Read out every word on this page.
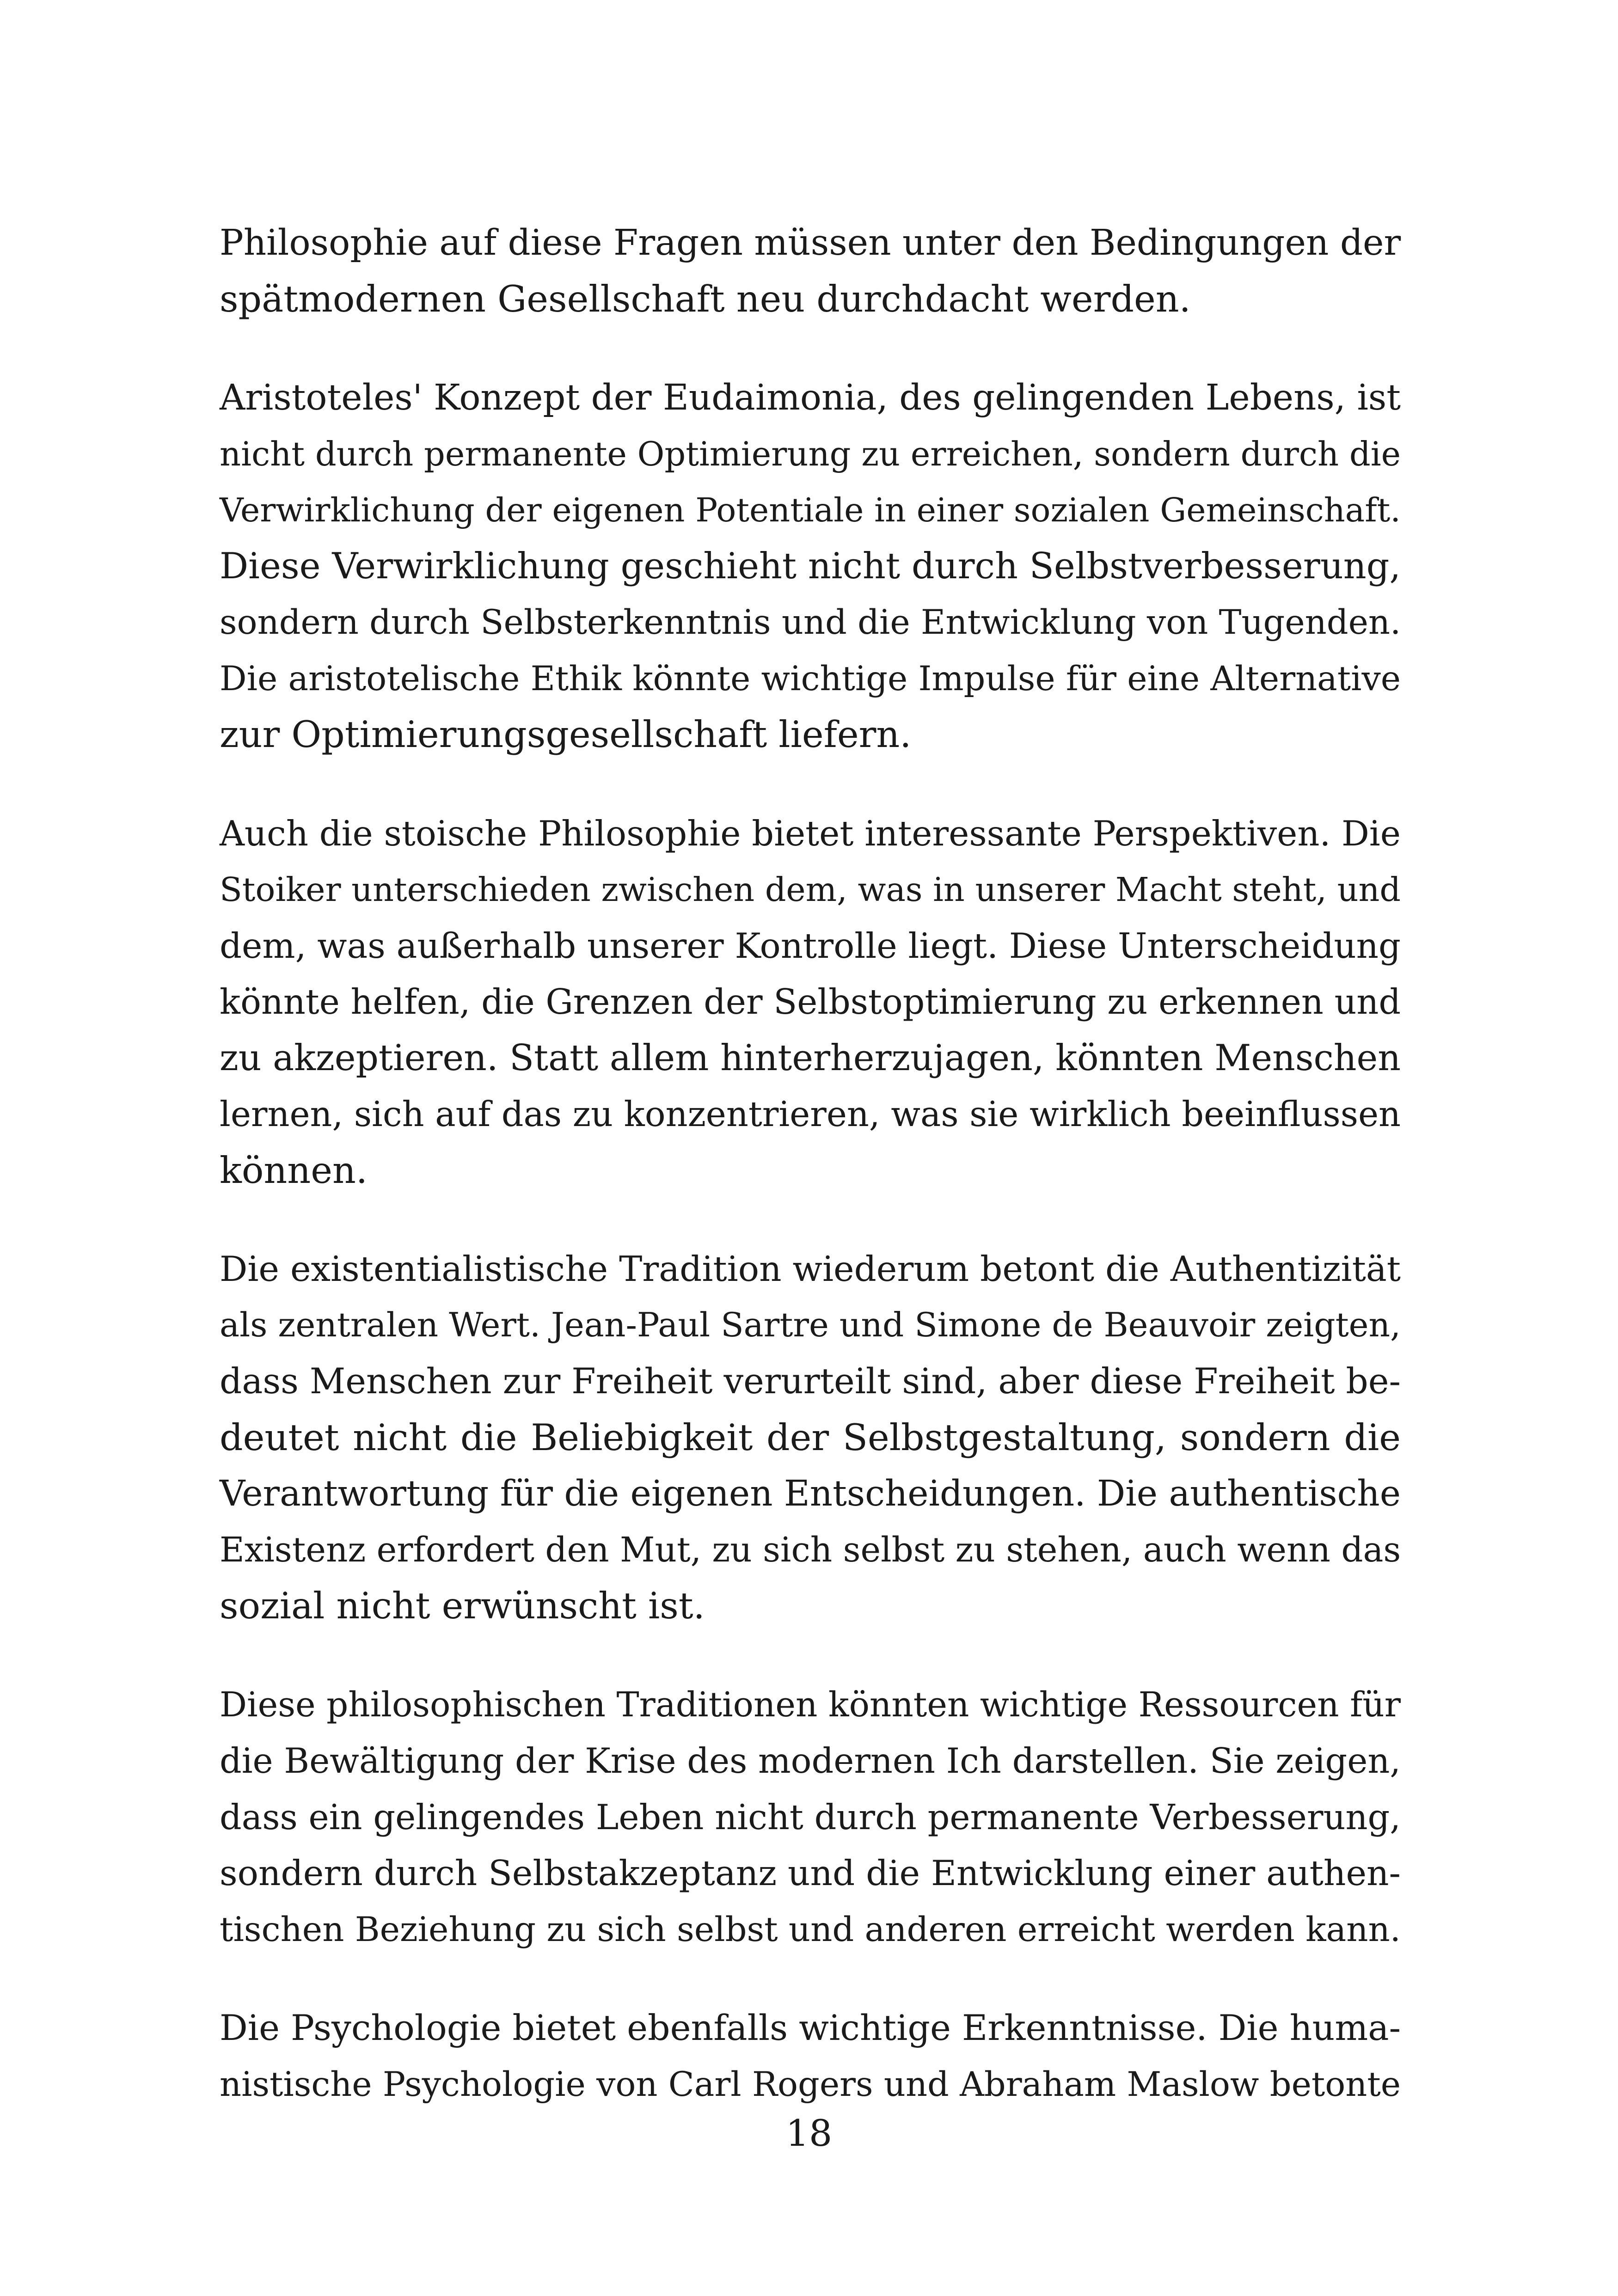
Philosophie auf diese Fragen müssen unter den Bedingungen der
spätmodernen Gesellschaft neu durchdacht werden.

Aristoteles' Konzept der Eudaimonia, des gelingenden Lebens, ist
nicht durch permanente Optimierung zu erreichen, sondern durch die
Verwirklichung der eigenen Potentiale in einer sozialen Gemeinschaft.
Diese Verwirklichung geschieht nicht durch Selbstverbesserung,
sondern durch Selbsterkenntnis und die Entwicklung von Tugenden.
Die aristotelische Ethik könnte wichtige Impulse für eine Alternative
zur Optimierungsgesellschaft liefern.

Auch die stoische Philosophie bietet interessante Perspektiven. Die
Stoiker unterschieden zwischen dem, was in unserer Macht steht, und
dem, was außerhalb unserer Kontrolle liegt. Diese Unterscheidung
könnte helfen, die Grenzen der Selbstoptimierung zu erkennen und
zu akzeptieren. Statt allem hinterherzujagen, könnten Menschen
lernen, sich auf das zu konzentrieren, was sie wirklich beeinflussen
können.

Die existentialistische Tradition wiederum betont die Authentizität
als zentralen Wert. Jean-Paul Sartre und Simone de Beauvoir zeigten,
dass Menschen zur Freiheit verurteilt sind, aber diese Freiheit be-
deutet nicht die Beliebigkeit der Selbstgestaltung, sondern die
Verantwortung für die eigenen Entscheidungen. Die authentische
Existenz erfordert den Mut, zu sich selbst zu stehen, auch wenn das
sozial nicht erwünscht ist.

Diese philosophischen Traditionen könnten wichtige Ressourcen für
die Bewältigung der Krise des modernen Ich darstellen. Sie zeigen,
dass ein gelingendes Leben nicht durch permanente Verbesserung,
sondern durch Selbstakzeptanz und die Entwicklung einer authen-
tischen Beziehung zu sich selbst und anderen erreicht werden kann.

Die Psychologie bietet ebenfalls wichtige Erkenntnisse. Die huma-
nistische Psychologie von Carl Rogers und Abraham Maslow betonte

18
